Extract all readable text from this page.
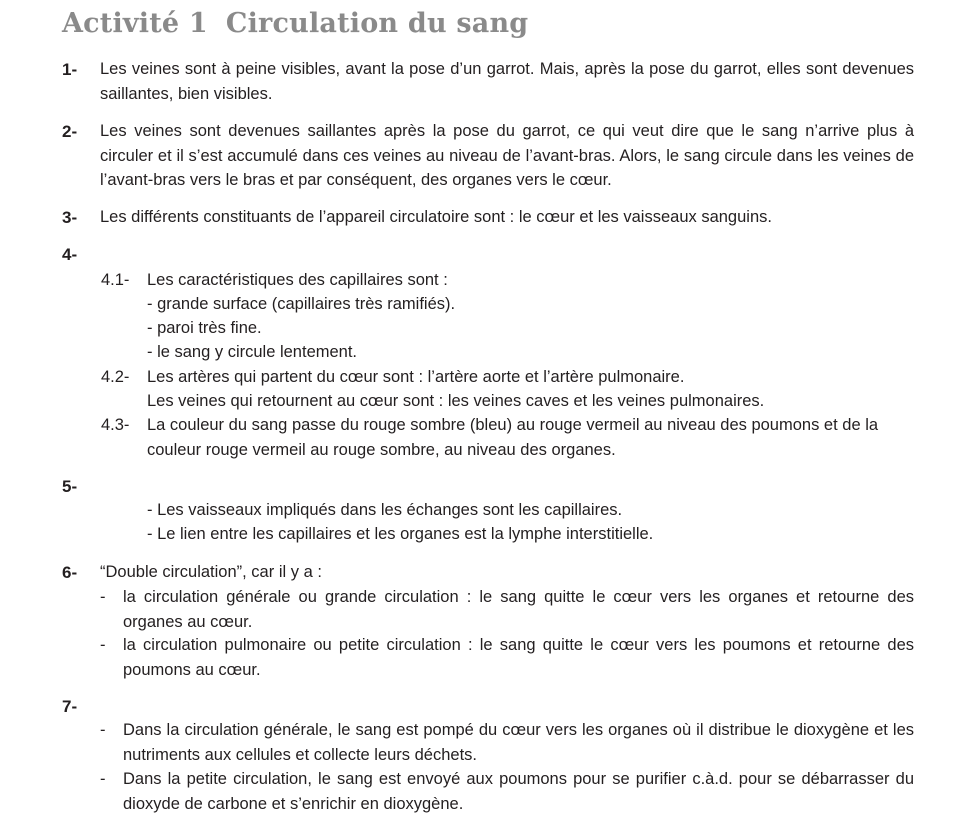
Activité 1 Circulation du sang
1- Les veines sont à peine visibles, avant la pose d’un garrot. Mais, après la pose du garrot, elles sont devenues saillantes, bien visibles.
2- Les veines sont devenues saillantes après la pose du garrot, ce qui veut dire que le sang n’arrive plus à circuler et il s’est accumulé dans ces veines au niveau de l’avant-bras. Alors, le sang circule dans les veines de l’avant-bras vers le bras et par conséquent, des organes vers le cœur.
3- Les différents constituants de l’appareil circulatoire sont : le cœur et les vaisseaux sanguins.
4-
4.1- Les caractéristiques des capillaires sont :
- grande surface (capillaires très ramifiés).
- paroi très fine.
- le sang y circule lentement.
4.2- Les artères qui partent du cœur sont : l’artère aorte et l’artère pulmonaire.
Les veines qui retournent au cœur sont : les veines caves et les veines pulmonaires.
4.3- La couleur du sang passe du rouge sombre (bleu) au rouge vermeil au niveau des poumons et de la couleur rouge vermeil au rouge sombre, au niveau des organes.
5-
- Les vaisseaux impliqués dans les échanges sont les capillaires.
- Le lien entre les capillaires et les organes est la lymphe interstitielle.
6- “Double circulation”, car il y a :
- la circulation générale ou grande circulation : le sang quitte le cœur vers les organes et retourne des organes au cœur.
- la circulation pulmonaire ou petite circulation : le sang quitte le cœur vers les poumons et retourne des poumons au cœur.
7-
- Dans la circulation générale, le sang est pompé du cœur vers les organes où il distribue le dioxygène et les nutriments aux cellules et collecte leurs déchets.
- Dans la petite circulation, le sang est envoyé aux poumons pour se purifier c.à.d. pour se débarrasser du dioxyde de carbone et s’enrichir en dioxygène.
